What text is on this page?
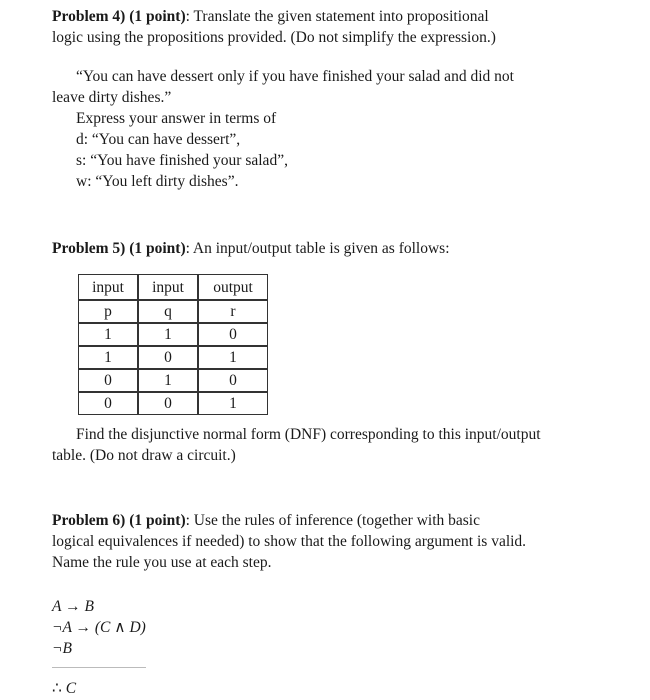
Problem 4) (1 point): Translate the given statement into propositional
logic using the propositions provided. (Do not simplify the expression.)
“You can have dessert only if you have finished your salad and did not
leave dirty dishes.”
Express your answer in terms of
d: “You can have dessert”,
s: “You have finished your salad”,
w: “You left dirty dishes”.
Problem 5) (1 point): An input/output table is given as follows:
input	input	output
p	q	r
1	1	0
1	0	1
0	1	0
0	0	1
Find the disjunctive normal form (DNF) corresponding to this input/output
table. (Do not draw a circuit.)
Problem 6) (1 point): Use the rules of inference (together with basic
logical equivalences if needed) to show that the following argument is valid.
Name the rule you use at each step.
A → B
¬A → (C ∧ D)
¬B
∴ C
